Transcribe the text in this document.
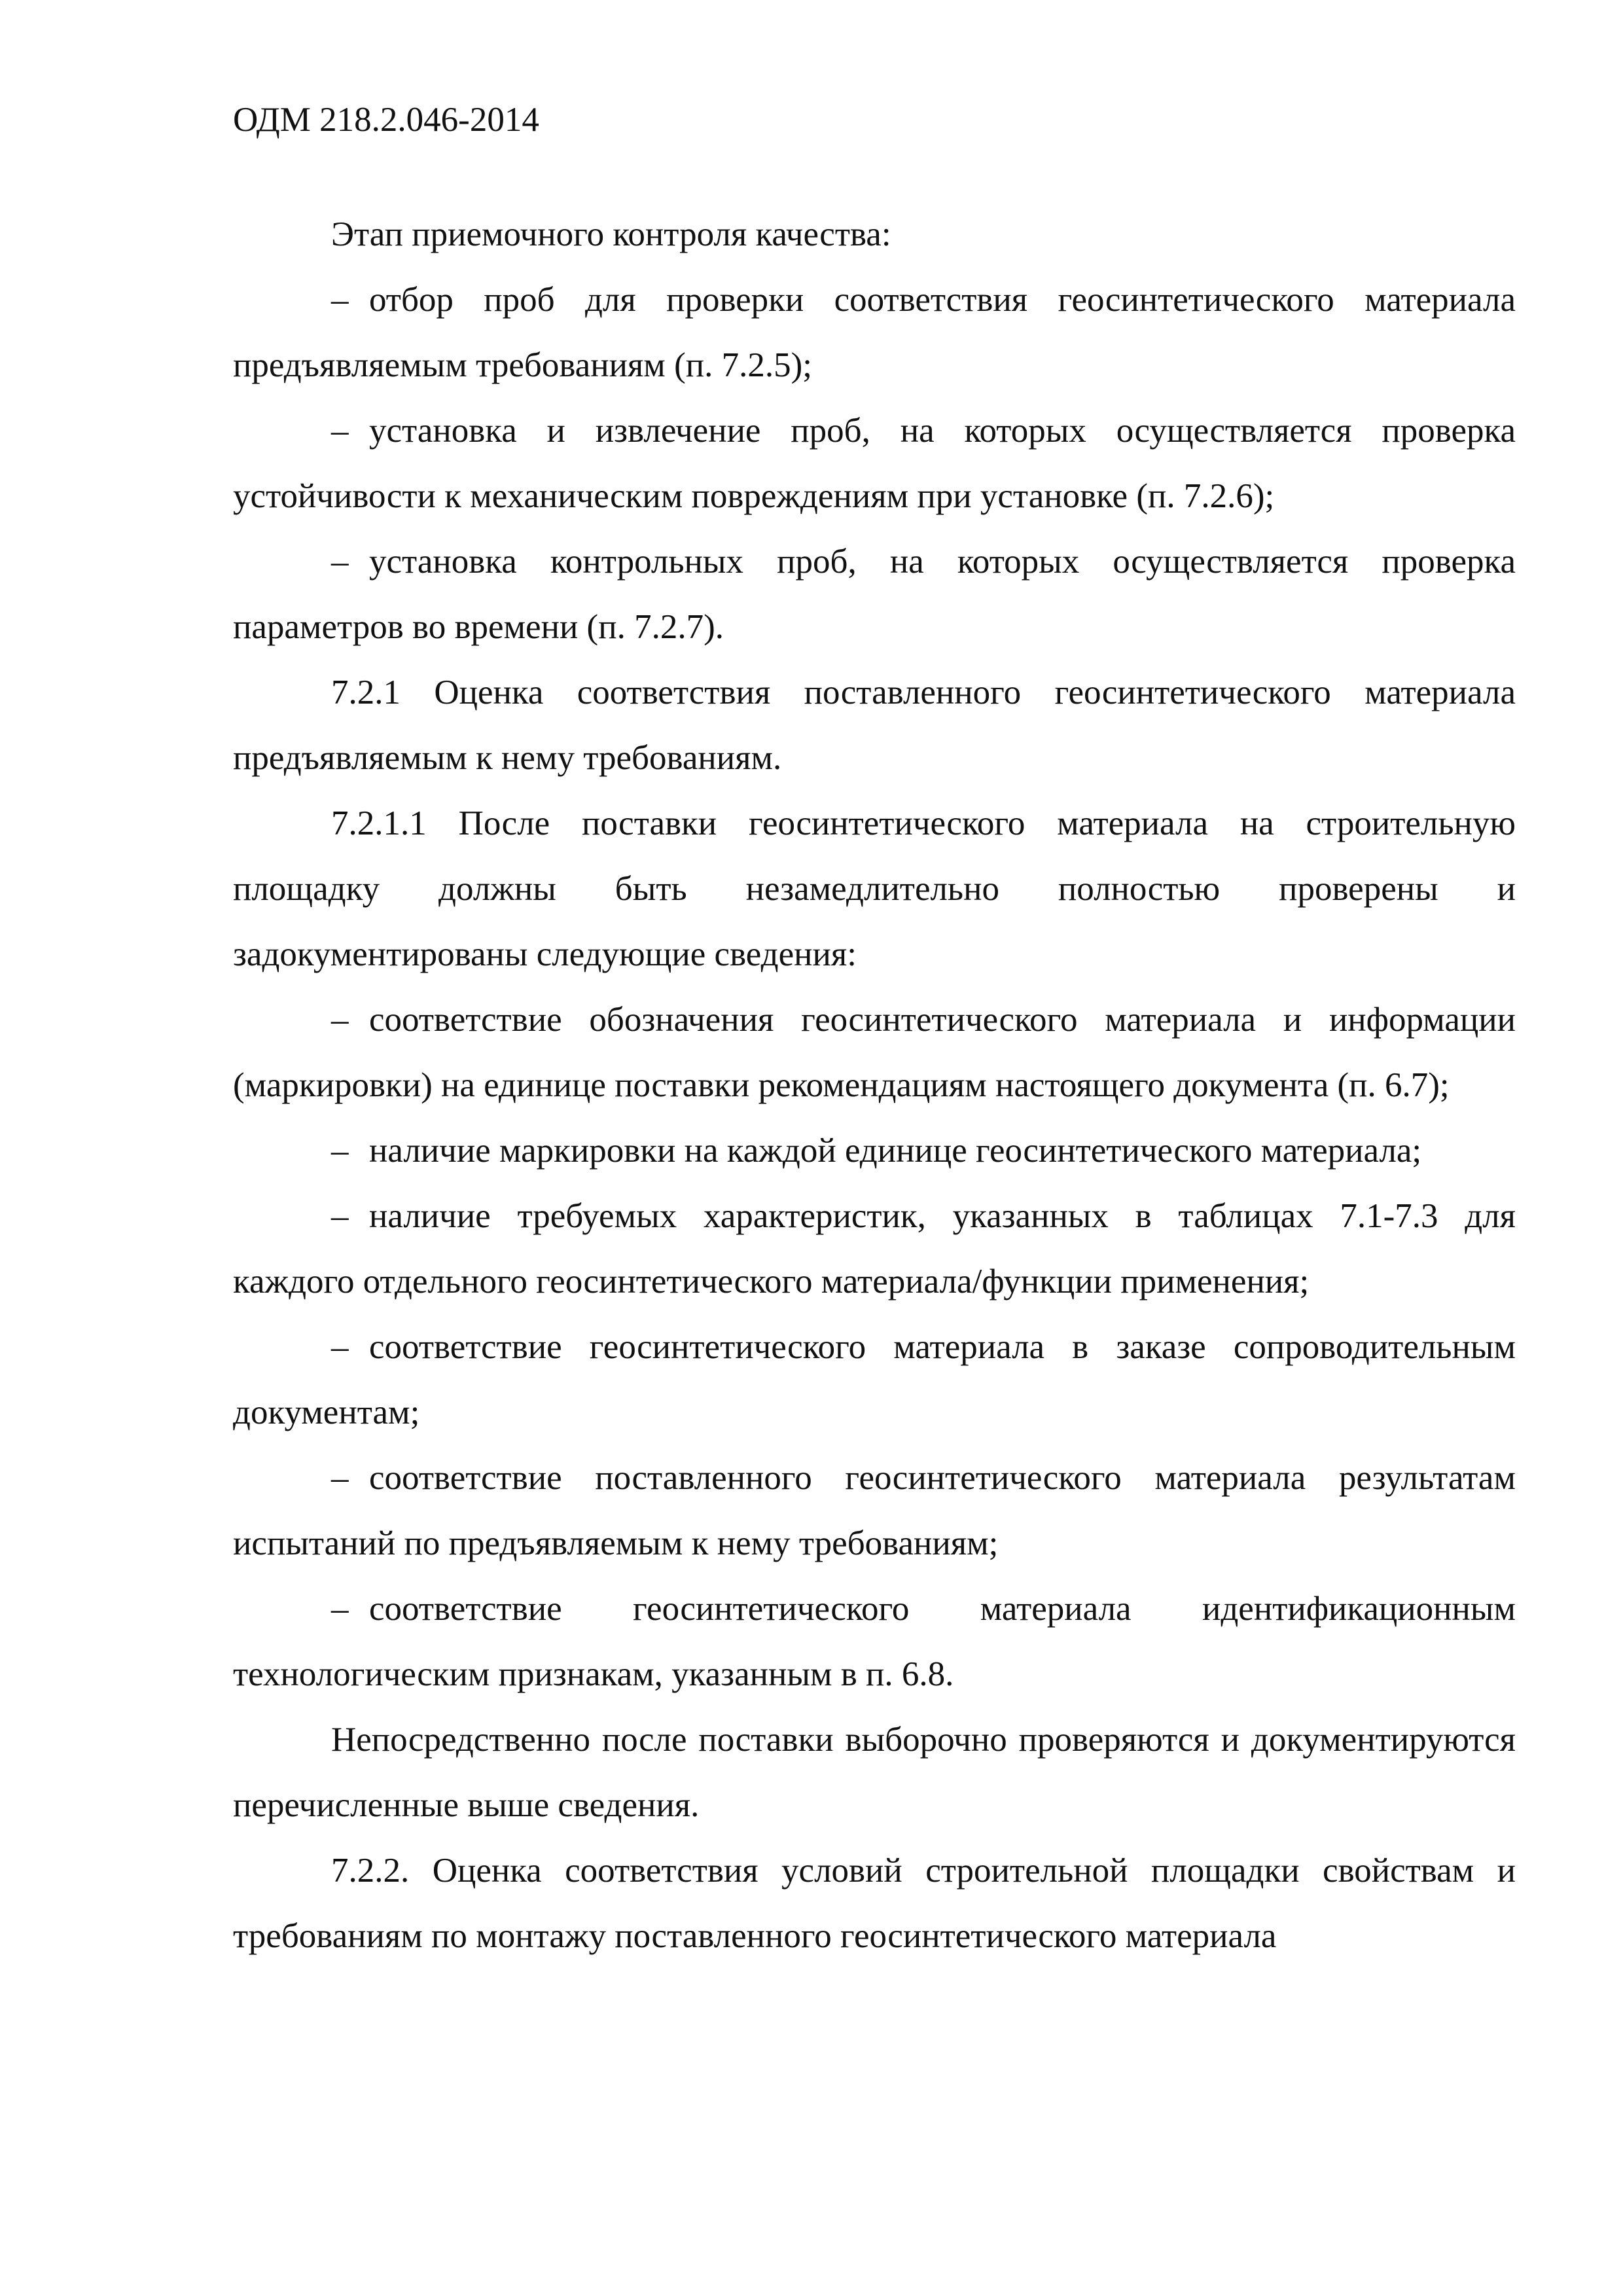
ОДМ 218.2.046-2014

Этап приемочного контроля качества:

– отбор проб для проверки соответствия геосинтетического материала предъявляемым требованиям (п. 7.2.5);

– установка и извлечение проб, на которых осуществляется проверка устойчивости к механическим повреждениям при установке (п. 7.2.6);

– установка контрольных проб, на которых осуществляется проверка параметров во времени (п. 7.2.7).

7.2.1 Оценка соответствия поставленного геосинтетического материала предъявляемым к нему требованиям.

7.2.1.1 После поставки геосинтетического материала на строительную площадку должны быть незамедлительно полностью проверены и задокументированы следующие сведения:

– соответствие обозначения геосинтетического материала и информации (маркировки) на единице поставки рекомендациям настоящего документа (п. 6.7);

– наличие маркировки на каждой единице геосинтетического материала;

– наличие требуемых характеристик, указанных в таблицах 7.1-7.3 для каждого отдельного геосинтетического материала/функции применения;

– соответствие геосинтетического материала в заказе сопроводительным документам;

– соответствие поставленного геосинтетического материала результатам испытаний по предъявляемым к нему требованиям;

– соответствие геосинтетического материала идентификационным технологическим признакам, указанным в п. 6.8.

Непосредственно после поставки выборочно проверяются и документируются перечисленные выше сведения.

7.2.2. Оценка соответствия условий строительной площадки свойствам и требованиям по монтажу поставленного геосинтетического материала
